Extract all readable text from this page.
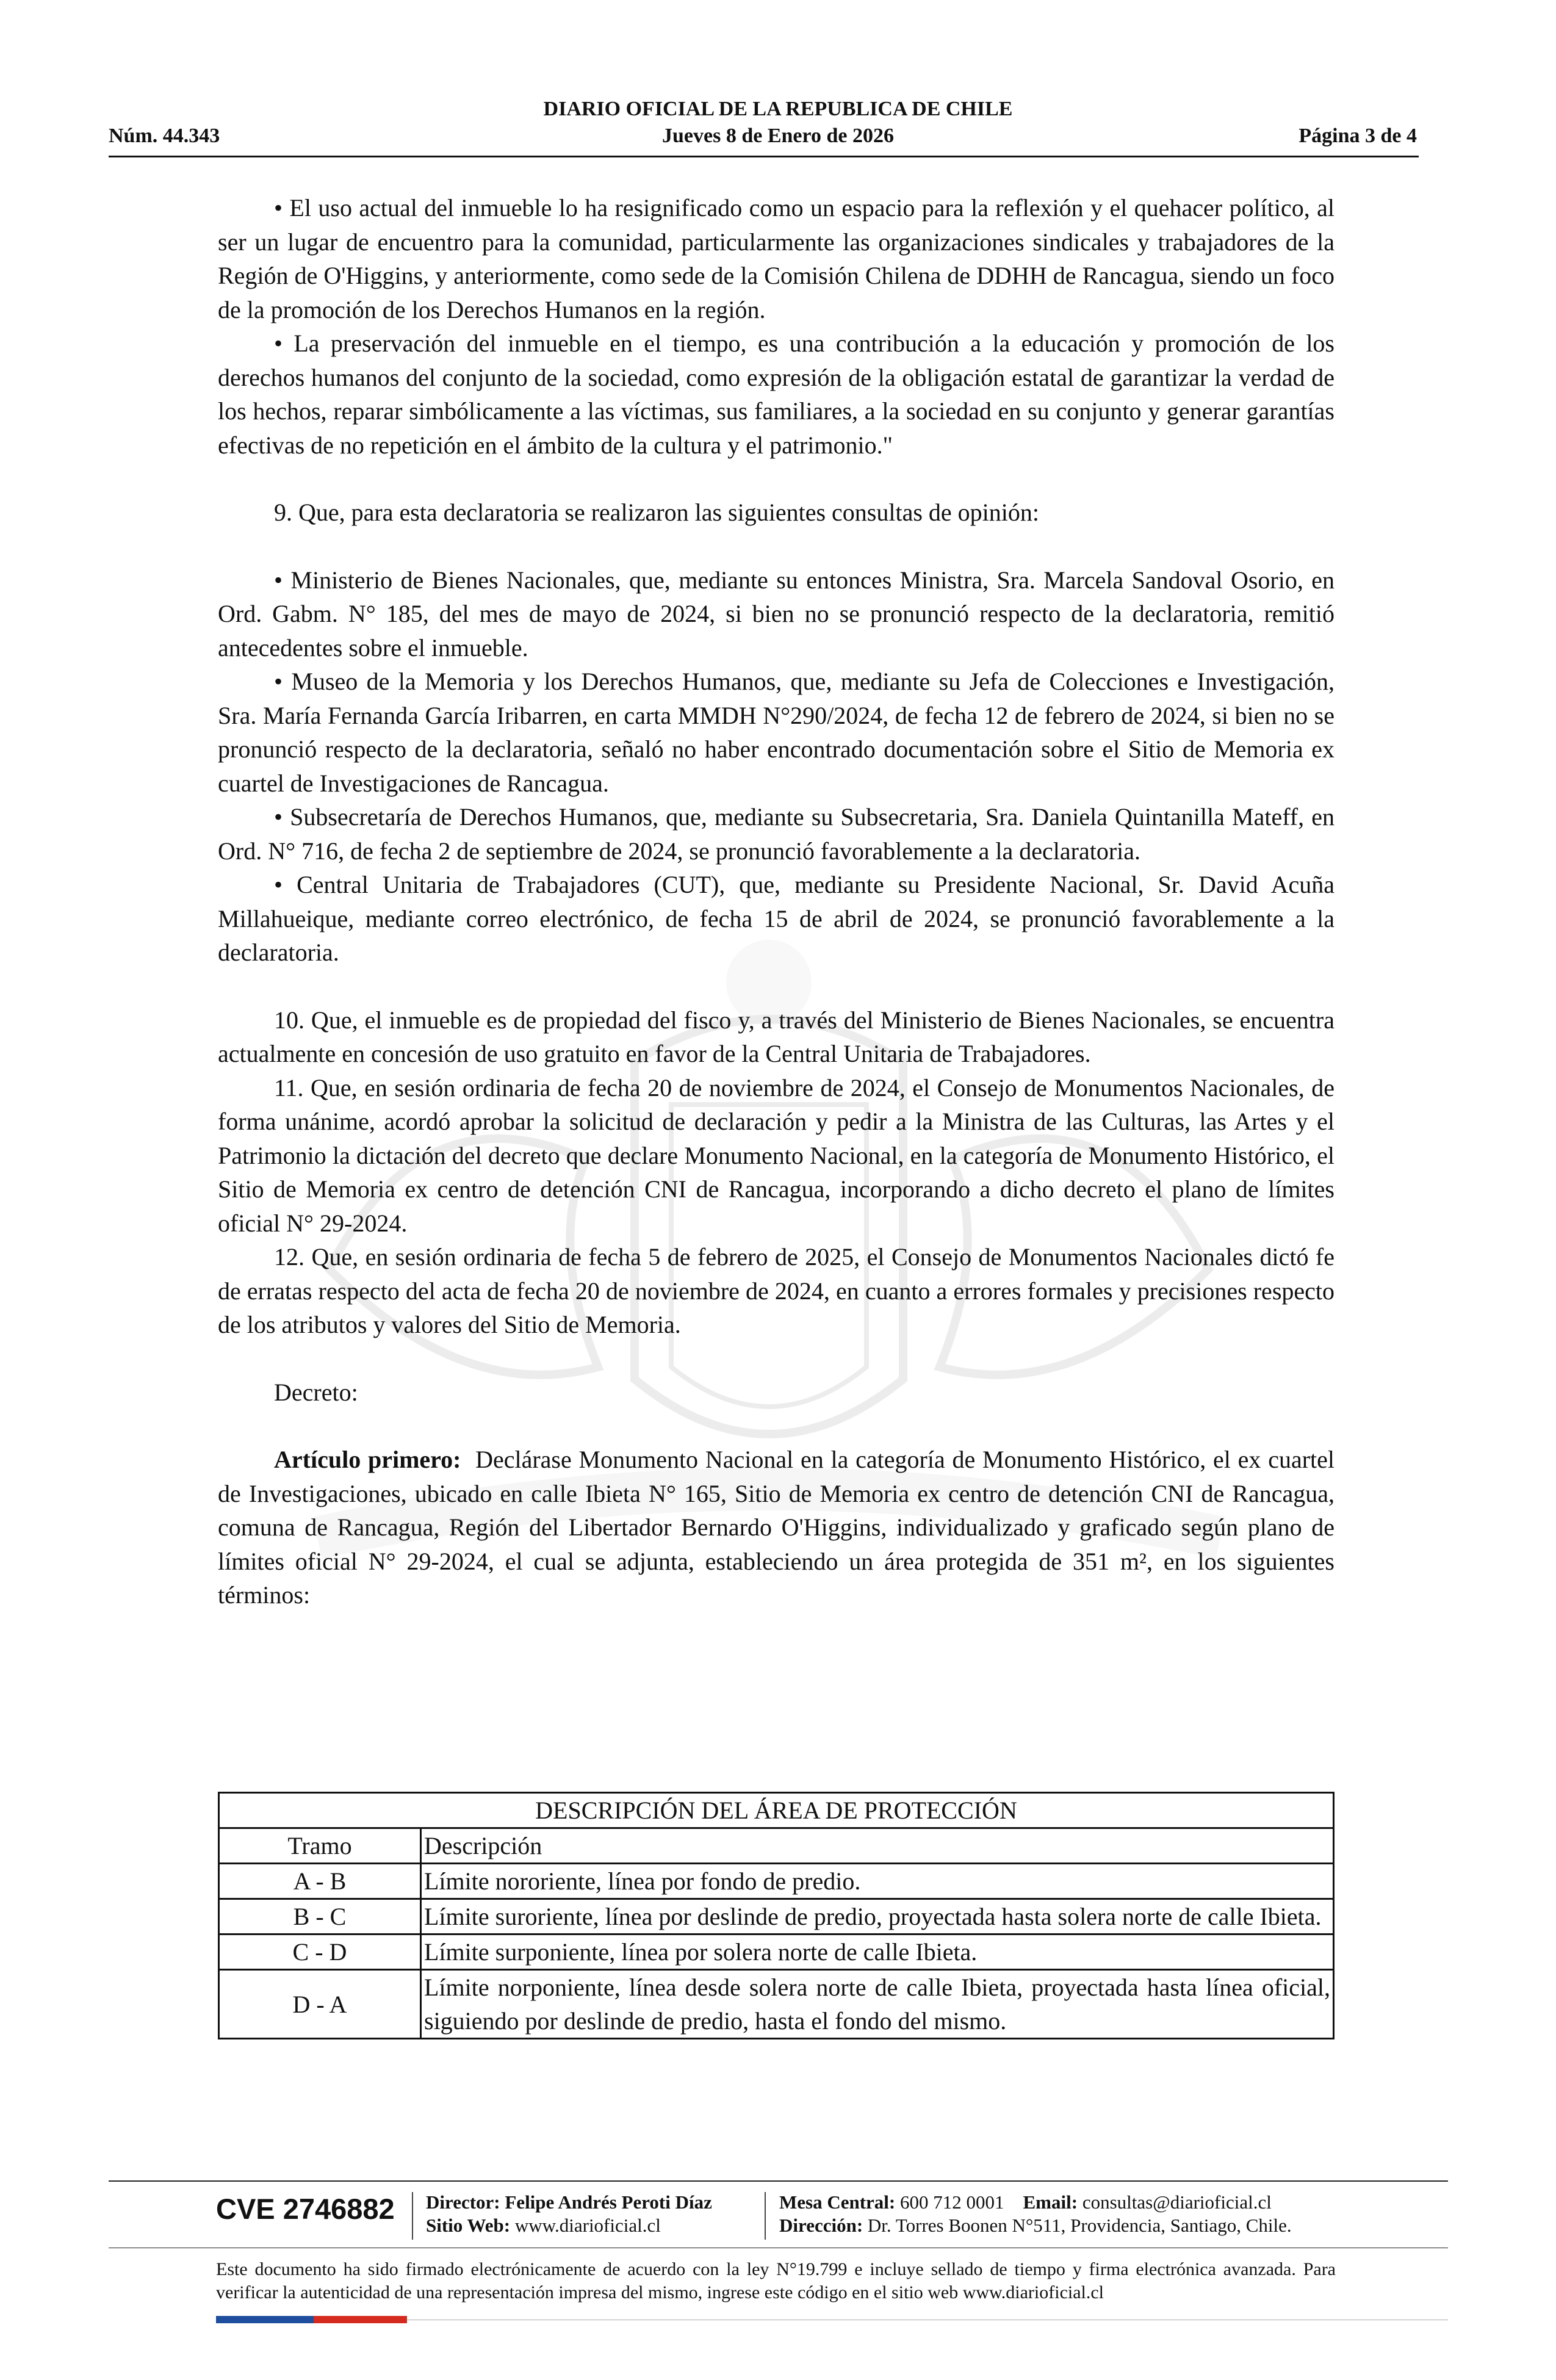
DIARIO OFICIAL DE LA REPUBLICA DE CHILE
Jueves 8 de Enero de 2026
Núm. 44.343	Página 3 de 4

• El uso actual del inmueble lo ha resignificado como un espacio para la reflexión y el quehacer político, al ser un lugar de encuentro para la comunidad, particularmente las organizaciones sindicales y trabajadores de la Región de O'Higgins, y anteriormente, como sede de la Comisión Chilena de DDHH de Rancagua, siendo un foco de la promoción de los Derechos Humanos en la región.

• La preservación del inmueble en el tiempo, es una contribución a la educación y promoción de los derechos humanos del conjunto de la sociedad, como expresión de la obligación estatal de garantizar la verdad de los hechos, reparar simbólicamente a las víctimas, sus familiares, a la sociedad en su conjunto y generar garantías efectivas de no repetición en el ámbito de la cultura y el patrimonio."

9. Que, para esta declaratoria se realizaron las siguientes consultas de opinión:

• Ministerio de Bienes Nacionales, que, mediante su entonces Ministra, Sra. Marcela Sandoval Osorio, en Ord. Gabm. N° 185, del mes de mayo de 2024, si bien no se pronunció respecto de la declaratoria, remitió antecedentes sobre el inmueble.

• Museo de la Memoria y los Derechos Humanos, que, mediante su Jefa de Colecciones e Investigación, Sra. María Fernanda García Iribarren, en carta MMDH N°290/2024, de fecha 12 de febrero de 2024, si bien no se pronunció respecto de la declaratoria, señaló no haber encontrado documentación sobre el Sitio de Memoria ex cuartel de Investigaciones de Rancagua.

• Subsecretaría de Derechos Humanos, que, mediante su Subsecretaria, Sra. Daniela Quintanilla Mateff, en Ord. N° 716, de fecha 2 de septiembre de 2024, se pronunció favorablemente a la declaratoria.

• Central Unitaria de Trabajadores (CUT), que, mediante su Presidente Nacional, Sr. David Acuña Millahueique, mediante correo electrónico, de fecha 15 de abril de 2024, se pronunció favorablemente a la declaratoria.

10. Que, el inmueble es de propiedad del fisco y, a través del Ministerio de Bienes Nacionales, se encuentra actualmente en concesión de uso gratuito en favor de la Central Unitaria de Trabajadores.

11. Que, en sesión ordinaria de fecha 20 de noviembre de 2024, el Consejo de Monumentos Nacionales, de forma unánime, acordó aprobar la solicitud de declaración y pedir a la Ministra de las Culturas, las Artes y el Patrimonio la dictación del decreto que declare Monumento Nacional, en la categoría de Monumento Histórico, el Sitio de Memoria ex centro de detención CNI de Rancagua, incorporando a dicho decreto el plano de límites oficial N° 29-2024.

12. Que, en sesión ordinaria de fecha 5 de febrero de 2025, el Consejo de Monumentos Nacionales dictó fe de erratas respecto del acta de fecha 20 de noviembre de 2024, en cuanto a errores formales y precisiones respecto de los atributos y valores del Sitio de Memoria.

Decreto:

Artículo primero: Declárase Monumento Nacional en la categoría de Monumento Histórico, el ex cuartel de Investigaciones, ubicado en calle Ibieta N° 165, Sitio de Memoria ex centro de detención CNI de Rancagua, comuna de Rancagua, Región del Libertador Bernardo O'Higgins, individualizado y graficado según plano de límites oficial N° 29-2024, el cual se adjunta, estableciendo un área protegida de 351 m², en los siguientes términos:

DESCRIPCIÓN DEL ÁREA DE PROTECCIÓN	
Tramo	Descripción
A - B	Límite nororiente, línea por fondo de predio.
B - C	Límite suroriente, línea por deslinde de predio, proyectada hasta solera norte de calle Ibieta.
C - D	Límite surponiente, línea por solera norte de calle Ibieta.
D - A	Límite norponiente, línea desde solera norte de calle Ibieta, proyectada hasta línea oficial, siguiendo por deslinde de predio, hasta el fondo del mismo.
CVE 2746882 Director: Felipe Andrés Peroti Díaz
Sitio Web: www.diarioficial.cl
Mesa Central: 600 712 0001 Email: consultas@diarioficial.cl
Dirección: Dr. Torres Boonen N°511, Providencia, Santiago, Chile.
Este documento ha sido firmado electrónicamente de acuerdo con la ley N°19.799 e incluye sellado de tiempo y firma electrónica avanzada. Para verificar la autenticidad de una representación impresa del mismo, ingrese este código en el sitio web www.diarioficial.cl
